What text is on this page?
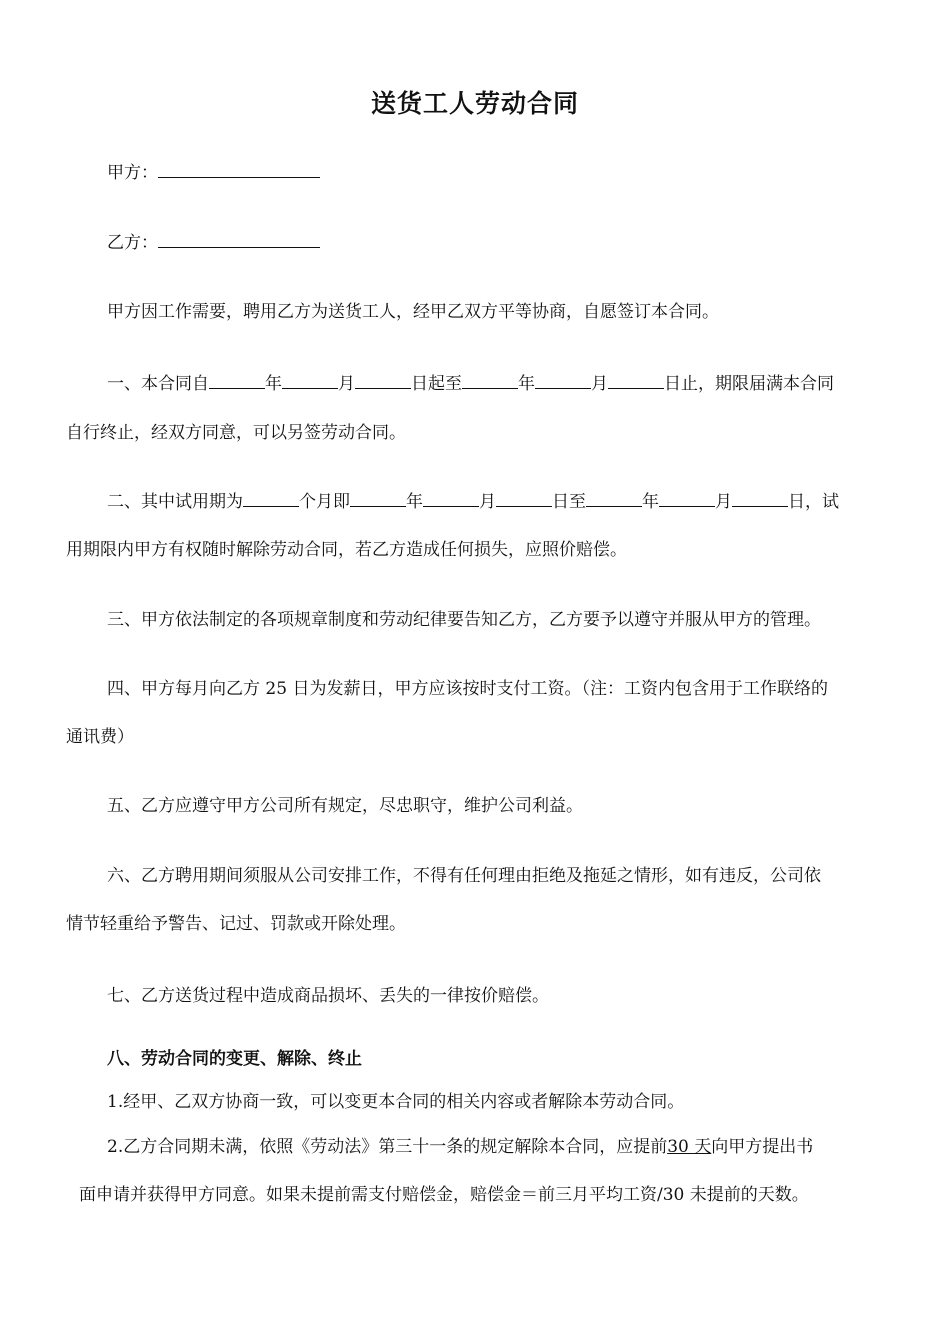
送货工人劳动合同
甲方：
乙方：
甲方因工作需要，聘用乙方为送货工人，经甲乙双方平等协商，自愿签订本合同。
一、本合同自	年	月	日起至	年	月	日止，期限届满本合同
自行终止，经双方同意，可以另签劳动合同。
二、其中试用期为	个月即	年	月	日至	年	月	日，试
用期限内甲方有权随时解除劳动合同，若乙方造成任何损失，应照价赔偿。
三、甲方依法制定的各项规章制度和劳动纪律要告知乙方，乙方要予以遵守并服从甲方的管理。
四、甲方每月向乙方 25 日为发薪日，甲方应该按时支付工资。（注：工资内包含用于工作联络的
通讯费）
五、乙方应遵守甲方公司所有规定，尽忠职守，维护公司利益。
六、乙方聘用期间须服从公司安排工作，不得有任何理由拒绝及拖延之情形，如有违反，公司依
情节轻重给予警告、记过、罚款或开除处理。
七、乙方送货过程中造成商品损坏、丢失的一律按价赔偿。
八、劳动合同的变更、解除、终止
1.经甲、乙双方协商一致，可以变更本合同的相关内容或者解除本劳动合同。
2.乙方合同期未满，依照《劳动法》第三十一条的规定解除本合同，应提前30 天向甲方提出书
面申请并获得甲方同意。如果未提前需支付赔偿金，赔偿金＝前三月平均工资/30 未提前的天数。
